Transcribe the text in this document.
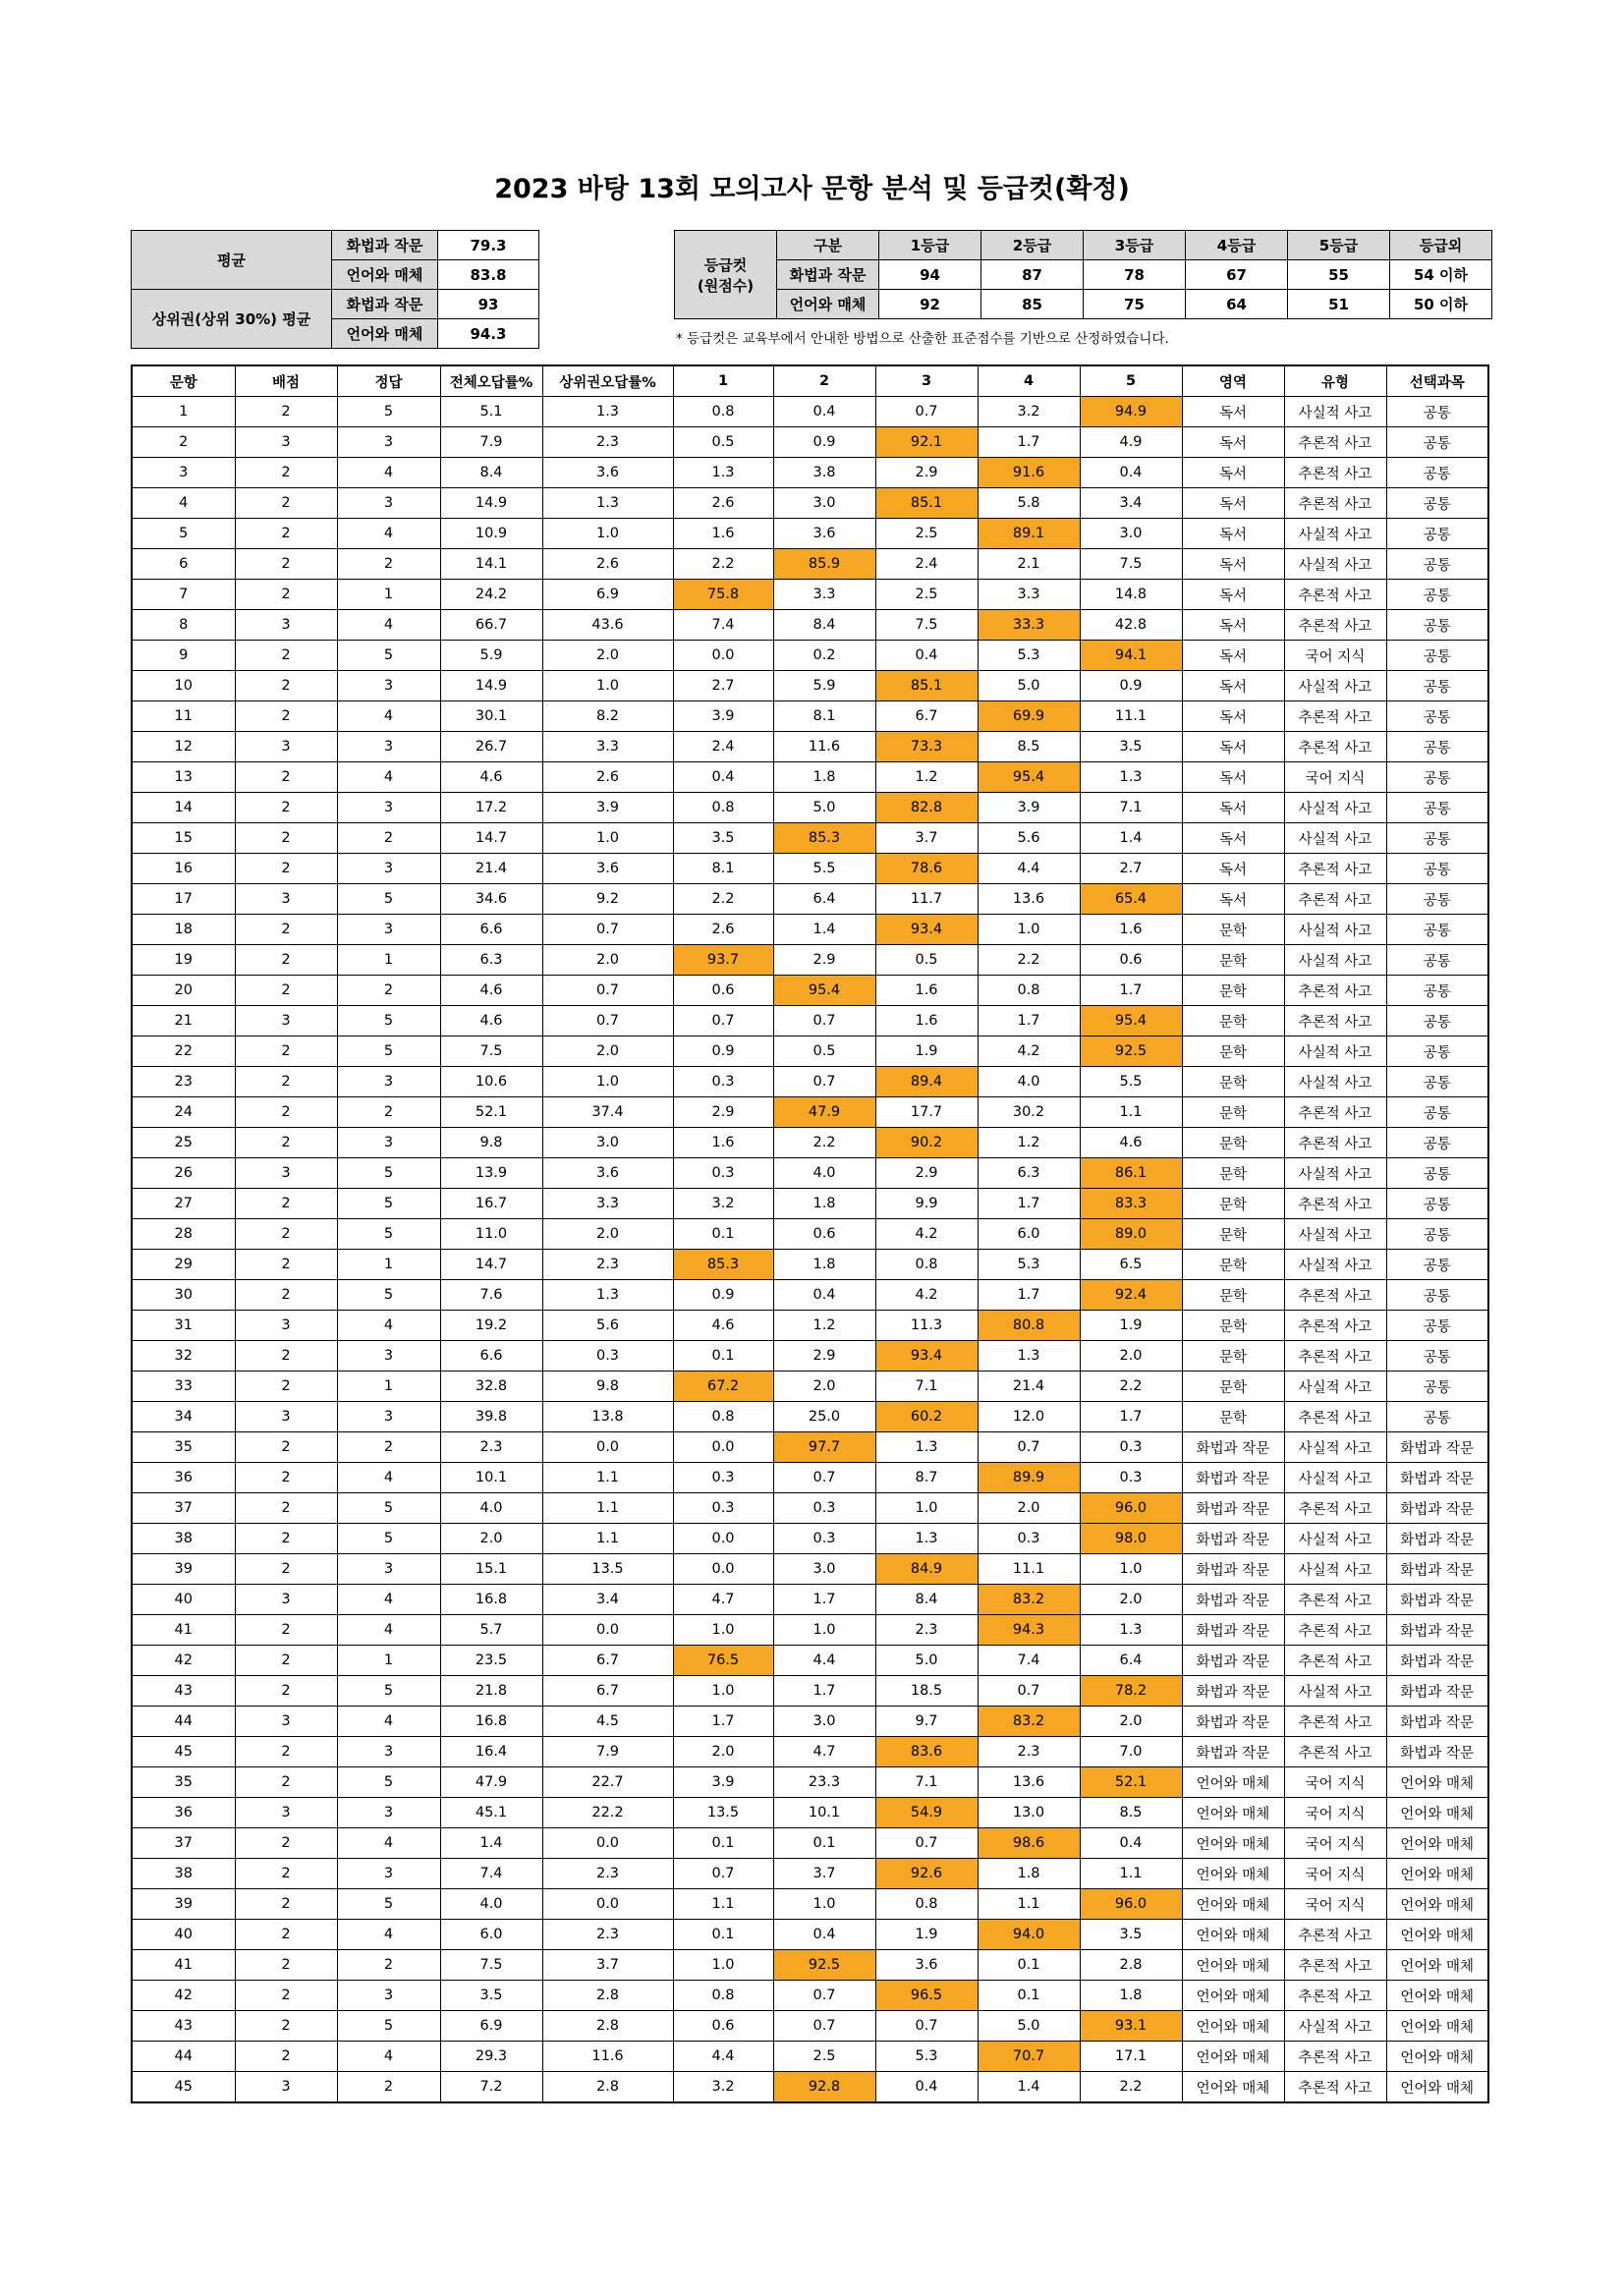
2023 바탕 13회 모의고사 문항 분석 및 등급컷(확정)
평균	화법과 작문	79.3
	언어와 매체	83.8
상위권(상위 30%) 평균	화법과 작문	93
	언어와 매체	94.3
등급컷
(원점수)	구분	1등급	2등급	3등급	4등급	5등급	등급외
	화법과 작문	94	87	78	67	55	54 이하
	언어와 매체	92	85	75	64	51	50 이하
* 등급컷은 교육부에서 안내한 방법으로 산출한 표준점수를 기반으로 산정하였습니다.
문항	배점	정답	전체오답률%	상위권오답률%	1	2	3	4	5	영역	유형	선택과목
1	2	5	5.1	1.3	0.8	0.4	0.7	3.2	94.9	독서	사실적 사고	공통
2	3	3	7.9	2.3	0.5	0.9	92.1	1.7	4.9	독서	추론적 사고	공통
3	2	4	8.4	3.6	1.3	3.8	2.9	91.6	0.4	독서	추론적 사고	공통
4	2	3	14.9	1.3	2.6	3.0	85.1	5.8	3.4	독서	추론적 사고	공통
5	2	4	10.9	1.0	1.6	3.6	2.5	89.1	3.0	독서	사실적 사고	공통
6	2	2	14.1	2.6	2.2	85.9	2.4	2.1	7.5	독서	사실적 사고	공통
7	2	1	24.2	6.9	75.8	3.3	2.5	3.3	14.8	독서	추론적 사고	공통
8	3	4	66.7	43.6	7.4	8.4	7.5	33.3	42.8	독서	추론적 사고	공통
9	2	5	5.9	2.0	0.0	0.2	0.4	5.3	94.1	독서	국어 지식	공통
10	2	3	14.9	1.0	2.7	5.9	85.1	5.0	0.9	독서	사실적 사고	공통
11	2	4	30.1	8.2	3.9	8.1	6.7	69.9	11.1	독서	추론적 사고	공통
12	3	3	26.7	3.3	2.4	11.6	73.3	8.5	3.5	독서	추론적 사고	공통
13	2	4	4.6	2.6	0.4	1.8	1.2	95.4	1.3	독서	국어 지식	공통
14	2	3	17.2	3.9	0.8	5.0	82.8	3.9	7.1	독서	사실적 사고	공통
15	2	2	14.7	1.0	3.5	85.3	3.7	5.6	1.4	독서	사실적 사고	공통
16	2	3	21.4	3.6	8.1	5.5	78.6	4.4	2.7	독서	추론적 사고	공통
17	3	5	34.6	9.2	2.2	6.4	11.7	13.6	65.4	독서	추론적 사고	공통
18	2	3	6.6	0.7	2.6	1.4	93.4	1.0	1.6	문학	사실적 사고	공통
19	2	1	6.3	2.0	93.7	2.9	0.5	2.2	0.6	문학	사실적 사고	공통
20	2	2	4.6	0.7	0.6	95.4	1.6	0.8	1.7	문학	추론적 사고	공통
21	3	5	4.6	0.7	0.7	0.7	1.6	1.7	95.4	문학	추론적 사고	공통
22	2	5	7.5	2.0	0.9	0.5	1.9	4.2	92.5	문학	사실적 사고	공통
23	2	3	10.6	1.0	0.3	0.7	89.4	4.0	5.5	문학	사실적 사고	공통
24	2	2	52.1	37.4	2.9	47.9	17.7	30.2	1.1	문학	추론적 사고	공통
25	2	3	9.8	3.0	1.6	2.2	90.2	1.2	4.6	문학	추론적 사고	공통
26	3	5	13.9	3.6	0.3	4.0	2.9	6.3	86.1	문학	사실적 사고	공통
27	2	5	16.7	3.3	3.2	1.8	9.9	1.7	83.3	문학	추론적 사고	공통
28	2	5	11.0	2.0	0.1	0.6	4.2	6.0	89.0	문학	사실적 사고	공통
29	2	1	14.7	2.3	85.3	1.8	0.8	5.3	6.5	문학	사실적 사고	공통
30	2	5	7.6	1.3	0.9	0.4	4.2	1.7	92.4	문학	추론적 사고	공통
31	3	4	19.2	5.6	4.6	1.2	11.3	80.8	1.9	문학	추론적 사고	공통
32	2	3	6.6	0.3	0.1	2.9	93.4	1.3	2.0	문학	추론적 사고	공통
33	2	1	32.8	9.8	67.2	2.0	7.1	21.4	2.2	문학	사실적 사고	공통
34	3	3	39.8	13.8	0.8	25.0	60.2	12.0	1.7	문학	추론적 사고	공통
35	2	2	2.3	0.0	0.0	97.7	1.3	0.7	0.3	화법과 작문	사실적 사고	화법과 작문
36	2	4	10.1	1.1	0.3	0.7	8.7	89.9	0.3	화법과 작문	사실적 사고	화법과 작문
37	2	5	4.0	1.1	0.3	0.3	1.0	2.0	96.0	화법과 작문	추론적 사고	화법과 작문
38	2	5	2.0	1.1	0.0	0.3	1.3	0.3	98.0	화법과 작문	사실적 사고	화법과 작문
39	2	3	15.1	13.5	0.0	3.0	84.9	11.1	1.0	화법과 작문	사실적 사고	화법과 작문
40	3	4	16.8	3.4	4.7	1.7	8.4	83.2	2.0	화법과 작문	추론적 사고	화법과 작문
41	2	4	5.7	0.0	1.0	1.0	2.3	94.3	1.3	화법과 작문	추론적 사고	화법과 작문
42	2	1	23.5	6.7	76.5	4.4	5.0	7.4	6.4	화법과 작문	추론적 사고	화법과 작문
43	2	5	21.8	6.7	1.0	1.7	18.5	0.7	78.2	화법과 작문	사실적 사고	화법과 작문
44	3	4	16.8	4.5	1.7	3.0	9.7	83.2	2.0	화법과 작문	추론적 사고	화법과 작문
45	2	3	16.4	7.9	2.0	4.7	83.6	2.3	7.0	화법과 작문	추론적 사고	화법과 작문
35	2	5	47.9	22.7	3.9	23.3	7.1	13.6	52.1	언어와 매체	국어 지식	언어와 매체
36	3	3	45.1	22.2	13.5	10.1	54.9	13.0	8.5	언어와 매체	국어 지식	언어와 매체
37	2	4	1.4	0.0	0.1	0.1	0.7	98.6	0.4	언어와 매체	국어 지식	언어와 매체
38	2	3	7.4	2.3	0.7	3.7	92.6	1.8	1.1	언어와 매체	국어 지식	언어와 매체
39	2	5	4.0	0.0	1.1	1.0	0.8	1.1	96.0	언어와 매체	국어 지식	언어와 매체
40	2	4	6.0	2.3	0.1	0.4	1.9	94.0	3.5	언어와 매체	추론적 사고	언어와 매체
41	2	2	7.5	3.7	1.0	92.5	3.6	0.1	2.8	언어와 매체	추론적 사고	언어와 매체
42	2	3	3.5	2.8	0.8	0.7	96.5	0.1	1.8	언어와 매체	추론적 사고	언어와 매체
43	2	5	6.9	2.8	0.6	0.7	0.7	5.0	93.1	언어와 매체	사실적 사고	언어와 매체
44	2	4	29.3	11.6	4.4	2.5	5.3	70.7	17.1	언어와 매체	추론적 사고	언어와 매체
45	3	2	7.2	2.8	3.2	92.8	0.4	1.4	2.2	언어와 매체	추론적 사고	언어와 매체
